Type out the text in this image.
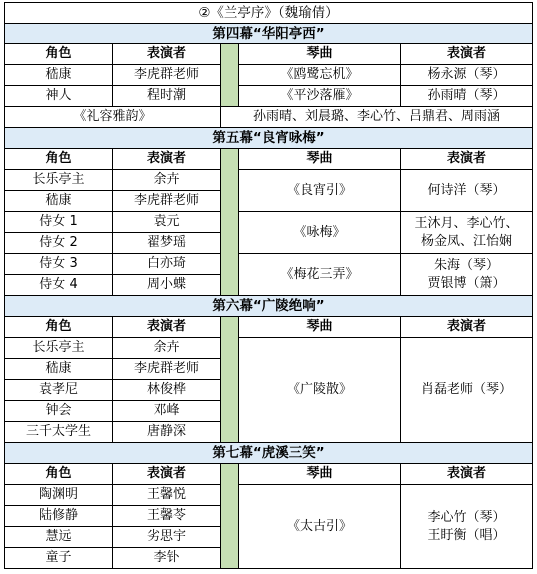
②《兰亭序》（魏瑜倩）				
第四幕“华阳亭西”				
角色	表演者		琴曲	表演者
嵇康	李虎群老师		《鸥鹭忘机》	杨永源（琴）
神人	程时潮		《平沙落雁》	孙雨晴（琴）
《礼容雅韵》		孙雨晴、刘晨璐、李心竹、吕鼎君、周雨涵		
第五幕“良宵咏梅”				
角色	表演者		琴曲	表演者
长乐亭主	余卉		《良宵引》	何诗洋（琴）
嵇康	李虎群老师			
侍女 1	袁元		《咏梅》	王沐月、李心竹、
杨金凤、江怡娴

侍女 2	翟梦瑶			
侍女 3	白亦琦		《梅花三弄》	朱海（琴）
贾银博（箫）

侍女 4	周小蝶			
第六幕“广陵绝响”				
角色	表演者		琴曲	表演者
长乐亭主	余卉		《广陵散》	肖磊老师（琴）
嵇康	李虎群老师			
袁孝尼	林俊桦			
钟会	邓峰			
三千太学生	唐静深			
第七幕“虎溪三笑”				
角色	表演者		琴曲	表演者
陶渊明	王馨悦		《太古引》	李心竹（琴）
王盱衡（唱）

陆修静	王馨苓			
慧远	劣思宇			
童子	李钋			
